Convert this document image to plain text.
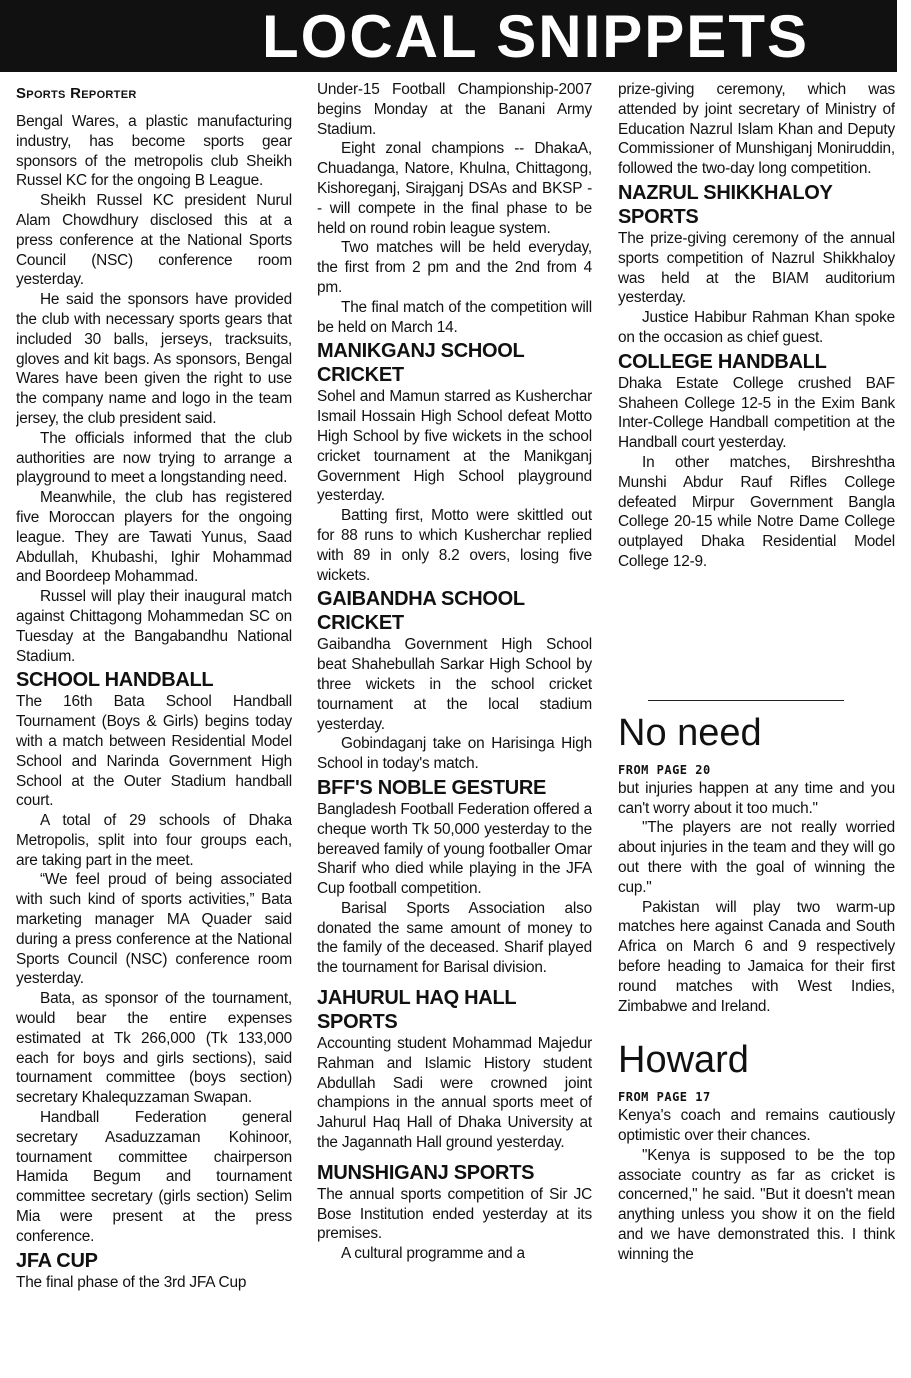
LOCAL SNIPPETS
Sports Reporter

Bengal Wares, a plastic manufacturing industry, has become sports gear sponsors of the metropolis club Sheikh Russel KC for the ongoing B League.

Sheikh Russel KC president Nurul Alam Chowdhury disclosed this at a press conference at the National Sports Council (NSC) conference room yesterday.

He said the sponsors have provided the club with necessary sports gears that included 30 balls, jerseys, tracksuits, gloves and kit bags. As sponsors, Bengal Wares have been given the right to use the company name and logo in the team jersey, the club president said.

The officials informed that the club authorities are now trying to arrange a playground to meet a longstanding need.

Meanwhile, the club has registered five Moroccan players for the ongoing league. They are Tawati Yunus, Saad Abdullah, Khubashi, Ighir Mohammad and Boordeep Mohammad.

Russel will play their inaugural match against Chittagong Mohammedan SC on Tuesday at the Bangabandhu National Stadium.

SCHOOL HANDBALL

The 16th Bata School Handball Tournament (Boys & Girls) begins today with a match between Residential Model School and Narinda Government High School at the Outer Stadium handball court.

A total of 29 schools of Dhaka Metropolis, split into four groups each, are taking part in the meet.

“We feel proud of being associated with such kind of sports activities,” Bata marketing manager MA Quader said during a press conference at the National Sports Council (NSC) conference room yesterday.

Bata, as sponsor of the tournament, would bear the entire expenses estimated at Tk 266,000 (Tk 133,000 each for boys and girls sections), said tournament committee (boys section) secretary Khalequzzaman Swapan.

Handball Federation general secretary Asaduzzaman Kohinoor, tournament committee chairperson Hamida Begum and tournament committee secretary (girls section) Selim Mia were present at the press conference.

JFA CUP

The final phase of the 3rd JFA Cup

Under-15 Football Championship-2007 begins Monday at the Banani Army Stadium.

Eight zonal champions -- DhakaA, Chuadanga, Natore, Khulna, Chittagong, Kishoreganj, Sirajganj DSAs and BKSP -- will compete in the final phase to be held on round robin league system.

Two matches will be held everyday, the first from 2 pm and the 2nd from 4 pm.

The final match of the competition will be held on March 14.

MANIKGANJ SCHOOL CRICKET

Sohel and Mamun starred as Kusherchar Ismail Hossain High School defeat Motto High School by five wickets in the school cricket tournament at the Manikganj Government High School playground yesterday.

Batting first, Motto were skittled out for 88 runs to which Kusherchar replied with 89 in only 8.2 overs, losing five wickets.

GAIBANDHA SCHOOL CRICKET

Gaibandha Government High School beat Shahebullah Sarkar High School by three wickets in the school cricket tournament at the local stadium yesterday.

Gobindaganj take on Harisinga High School in today's match.

BFF'S NOBLE GESTURE

Bangladesh Football Federation offered a cheque worth Tk 50,000 yesterday to the bereaved family of young footballer Omar Sharif who died while playing in the JFA Cup football competition.

Barisal Sports Association also donated the same amount of money to the family of the deceased. Sharif played the tournament for Barisal division.

JAHURUL HAQ HALL SPORTS

Accounting student Mohammad Majedur Rahman and Islamic History student Abdullah Sadi were crowned joint champions in the annual sports meet of Jahurul Haq Hall of Dhaka University at the Jagannath Hall ground yesterday.

MUNSHIGANJ SPORTS

The annual sports competition of Sir JC Bose Institution ended yesterday at its premises.

A cultural programme and a

prize-giving ceremony, which was attended by joint secretary of Ministry of Education Nazrul Islam Khan and Deputy Commissioner of Munshiganj Moniruddin, followed the two-day long competition.

NAZRUL SHIKKHALOY SPORTS

The prize-giving ceremony of the annual sports competition of Nazrul Shikkhaloy was held at the BIAM auditorium yesterday.

Justice Habibur Rahman Khan spoke on the occasion as chief guest.

COLLEGE HANDBALL

Dhaka Estate College crushed BAF Shaheen College 12-5 in the Exim Bank Inter-College Handball competition at the Handball court yesterday.

In other matches, Birshreshtha Munshi Abdur Rauf Rifles College defeated Mirpur Government Bangla College 20-15 while Notre Dame College outplayed Dhaka Residential Model College 12-9.

No need
FROM PAGE 20

but injuries happen at any time and you can't worry about it too much."

"The players are not really worried about injuries in the team and they will go out there with the goal of winning the cup."

Pakistan will play two warm-up matches here against Canada and South Africa on March 6 and 9 respectively before heading to Jamaica for their first round matches with West Indies, Zimbabwe and Ireland.

Howard
FROM PAGE 17

Kenya's coach and remains cautiously optimistic over their chances.

"Kenya is supposed to be the top associate country as far as cricket is concerned," he said. "But it doesn't mean anything unless you show it on the field and we have demonstrated this. I think winning the
